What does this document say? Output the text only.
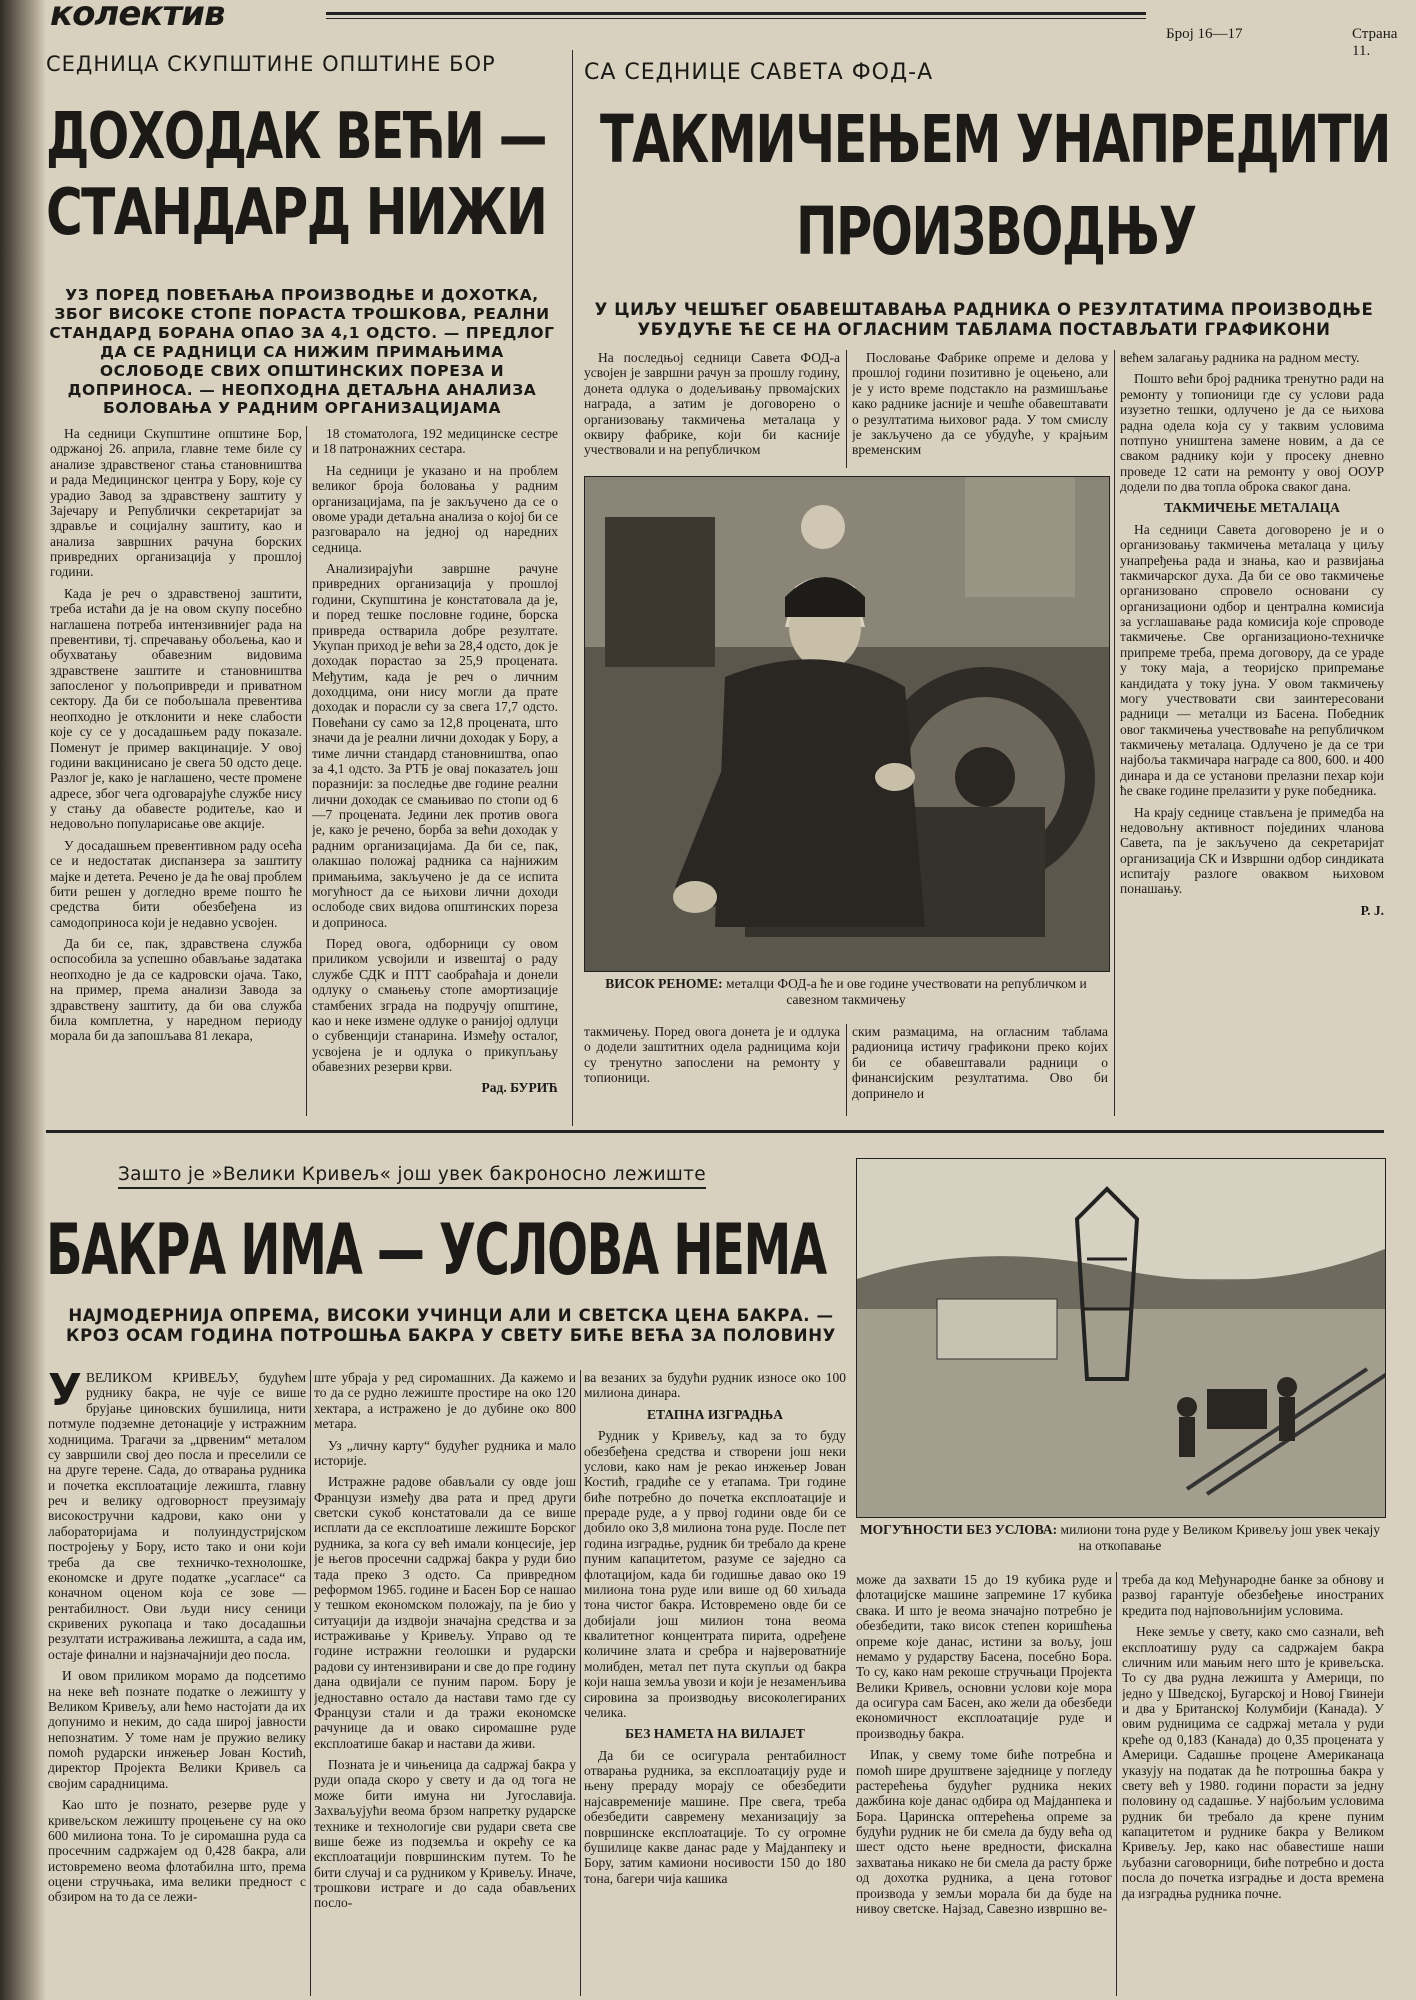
колектив	Број 16—17	Страна 11.
СЕДНИЦА СКУПШТИНЕ ОПШТИНЕ БОР
ДОХОДАК ВЕЋИ —
СТАНДАРД НИЖИ
УЗ ПОРЕД ПОВЕЋАЊА ПРОИЗВОДЊЕ И ДОХОТКА, ЗБОГ ВИСОКЕ СТОПЕ ПОРАСТА ТРОШКОВА, РЕАЛНИ СТАНДАРД БОРАНА ОПАО ЗА 4,1 ОДСТО. — ПРЕДЛОГ ДА СЕ РАДНИЦИ СА НИЖИМ ПРИМАЊИМА ОСЛОБОДЕ СВИХ ОПШТИНСКИХ ПОРЕЗА И ДОПРИНОСА. — НЕОПХОДНА ДЕТАЉНА АНАЛИЗА БОЛОВАЊА У РАДНИМ ОРГАНИЗАЦИЈАМА

На седници Скупштине општине Бор, одржаној 26. априла, главне теме биле су анализе здравственог стања становништва и рада Медицинског центра у Бору, које су урадио Завод за здравствену заштиту у Зајечару и Републички секретаријат за здравље и социјалну заштиту, као и анализа завршних рачуна борских привредних организација у прошлој години.

Када је реч о здравственој заштити, треба истаћи да је на овом скупу посебно наглашена потреба интензивнијег рада на превентиви, тј. спречавању обољења, као и обухватању обавезним видовима здравствене заштите и становништва запосленог у пољопривреди и приватном сектору. Да би се побољшала превентива неопходно је отклонити и неке слабости које су се у досадашњем раду показале. Поменут је пример вакцинације. У овој години вакцинисано је свега 50 одсто деце. Разлог је, како је наглашено, честе промене адресе, због чега одговарајуће службе нису у стању да обавесте родитеље, као и недовољно популарисање ове акције.

У досадашњем превентивном раду осећа се и недостатак диспанзера за заштиту мајке и детета. Речено је да ће овај проблем бити решен у догледно време пошто ће средства бити обезбеђена из самодоприноса који је недавно усвојен.

Да би се, пак, здравствена служба оспособила за успешно обављање задатака неопходно је да се кадровски ојача. Тако, на пример, према анализи Завода за здравствену заштиту, да би ова служба била комплетна, у наредном периоду морала би да запошљава 81 лекара,

18 стоматолога, 192 медицинске сестре и 18 патронажних сестара.

На седници је указано и на проблем великог броја боловања у радним организацијама, па је закључено да се о овоме уради детаљна анализа о којој би се разговарало на једној од наредних седница.

Анализирајући завршне рачуне привредних организација у прошлој години, Скупштина је констатовала да је, и поред тешке пословне године, борска привреда остварила добре резултате. Укупан приход је већи за 28,4 одсто, док је доходак порастао за 25,9 процената. Међутим, када је реч о личним доходцима, они нису могли да прате доходак и порасли су за свега 17,7 одсто. Повећани су само за 12,8 процената, што значи да је реални лични доходак у Бору, а тиме лични стандард становништва, опао за 4,1 одсто. За РТБ је овај показатељ још поразнији: за последње две године реални лични доходак се смањивао по стопи од 6—7 процената. Једини лек против овога је, како је речено, борба за већи доходак у радним организацијама. Да би се, пак, олакшао положај радника са најнижим примањима, закључено је да се испита могућност да се њихови лични доходи ослободе свих видова општинских пореза и доприноса.

Поред овога, одборници су овом приликом усвојили и извештај о раду службе СДК и ПТТ саобраћаја и донели одлуку о смањењу стопе амортизације стамбених зграда на подручју општине, као и неке измене одлуке о ранијој одлуци о субвенцији станарина. Између осталог, усвојена је и одлука о прикупљању обавезних резерви крви.

Рад. БУРИЋ
СА СЕДНИЦЕ САВЕТА ФОД-А
ТАКМИЧЕЊЕМ УНАПРЕДИТИ
ПРОИЗВОДЊУ
У ЦИЉУ ЧЕШЋЕГ ОБАВЕШТАВАЊА РАДНИКА О РЕЗУЛТАТИМА ПРОИЗВОДЊЕ УБУДУЋЕ ЋЕ СЕ НА ОГЛАСНИМ ТАБЛАМА ПОСТАВЉАТИ ГРАФИКОНИ

На последњој седници Савета ФОД-а усвојен је завршни рачун за прошлу годину, донета одлука о додељивању првомајских награда, а затим је договорено о организовању такмичења металаца у оквиру фабрике, који би касније учествовали и на републичком

Пословање Фабрике опреме и делова у прошлој години позитивно је оцењено, али је у исто време подстакло на размишљање како раднике јасније и чешће обавештавати о резултатима њиховог рада. У том смислу је закључено да се убудуће, у крајњим временским

ВИСОК РЕНОМЕ: металци ФОД-а ће и ове године учествовати на републичком и савезном такмичењу

такмичењу. Поред овога донета је и одлука о додели заштитних одела радницима који су тренутно запослени на ремонту у топионици.

ским размацима, на огласним таблама радионица истичу графикони преко којих би се обавештавали радници о финансијским резултатима. Ово би допринело и

већем залагању радника на радном месту.

Пошто већи број радника тренутно ради на ремонту у топионици где су услови рада изузетно тешки, одлучено је да се њихова радна одела која су у таквим условима потпуно уништена замене новим, а да се сваком раднику који у просеку дневно проведе 12 сати на ремонту у овој ООУР додели по два топла оброка сваког дана.

ТАКМИЧЕЊЕ МЕТАЛАЦА

На седници Савета договорено је и о организовању такмичења металаца у циљу унапређења рада и знања, као и развијања такмичарског духа. Да би се ово такмичење организовано спровело основани су организациони одбор и централна комисија за усглашавање рада комисија које спроводе такмичење. Све организационо-техничке припреме треба, према договору, да се ураде у току маја, а теоријско припремање кандидата у току јуна. У овом такмичењу могу учествовати сви заинтересовани радници — металци из Басена. Победник овог такмичења учествоваће на републичком такмичењу металаца. Одлучено је да се три најбоља такмичара награде са 800, 600. и 400 динара и да се установи прелазни пехар који ће сваке године прелазити у руке победника.

На крају седнице стављена је примедба на недовољну активност појединих чланова Савета, па је закључено да секретаријат организација СК и Извршни одбор синдиката испитају разлоге оваквом њиховом понашању.

Р. Ј.
Зашто је »Велики Кривељ« још увек бакроносно лежиште
БАКРА ИМА — УСЛОВА НЕМА
НАЈМОДЕРНИЈА ОПРЕМА, ВИСОКИ УЧИНЦИ АЛИ И СВЕТСКА ЦЕНА БАКРА. — КРОЗ ОСАМ ГОДИНА ПОТРОШЊА БАКРА У СВЕТУ БИЋЕ ВЕЋА ЗА ПОЛОВИНУ
У ВЕЛИКОМ КРИВЕЉУ, будућем руднику бакра, не чује се више брујање циновских бушилица, нити потмуле подземне детонације у истражним ходницима. Трагачи за „црвеним“ металом су завршили свој део посла и преселили се на друге терене. Сада, до отварања рудника и почетка експлоатације лежишта, главну реч и велику одговорност преузимају високостручни кадрови, како они у лабораторијама и полуиндустријском постројењу у Бору, исто тако и они који треба да све техничко-технолошке, економске и друге податке „усагласе“ са коначном оценом која се зове — рентабилност. Ови људи нису сеници скривених рукопаца и тако досадашњи резултати истраживања лежишта, а сада им, остаје финални и најзначајнији део посла.

И овом приликом морамо да подсетимо на неке већ познате податке о лежишту у Великом Кривељу, али ћемо настојати да их допунимо и неким, до сада широј јавности непознатим. У томе нам је пружио велику помоћ рударски инжењер Јован Костић, директор Пројекта Велики Кривељ са својим сарадницима.

Као што је познато, резерве руде у кривељском лежишту процењене су на око 600 милиона тона. То је сиромашна руда са просечним садржајем од 0,428 бакра, али истовремено веома флотабилна што, према оцени стручњака, има велики предност с обзиром на то да се лежи-

ште убраја у ред сиромашних. Да кажемо и то да се рудно лежиште простире на око 120 хектара, а истражено је до дубине око 800 метара.

Уз „личну карту“ будућег рудника и мало историје.

Истражне радове обављали су овде још Французи између два рата и пред други светски сукоб констатовали да се више исплати да се експлоатише лежиште Борског рудника, за кога су већ имали концесије, јер је његов просечни садржај бакра у руди био тада преко 3 одсто. Са привредном реформом 1965. године и Басен Бор се нашао у тешком економском положају, па је био у ситуацији да издвоји значајна средства и за истраживање у Кривељу. Управо од те године истражни геолошки и рударски радови су интензивирани и све до пре годину дана одвијали се пуним паром. Бору је једноставно остало да настави тамо где су Французи стали и да тражи економске рачунице да и овако сиромашне руде експлоатише бакар и настави да живи.

Позната је и чињеница да садржај бакра у руди опада скоро у свету и да од тога не може бити имуна ни Југославија. Захваљујући веома брзом напретку рударске технике и технологије сви рудари света све више беже из подземља и окрећу се ка експлоатацији површинским путем. То ће бити случај и са рудником у Кривељу. Иначе, трошкови истраге и до сада обављених посло-

ва везаних за будући рудник износе око 100 милиона динара.

ЕТАПНА ИЗГРАДЊА

Рудник у Кривељу, кад за то буду обезбеђена средства и створени још неки услови, како нам је рекао инжењер Јован Костић, градиће се у етапама. Три године биће потребно до почетка експлоатације и прераде руде, а у првој години овде би се добило око 3,8 милиона тона руде. После пет година изградње, рудник би требало да крене пуним капацитетом, разуме се заједно са флотацијом, када би годишње давао око 19 милиона тона руде или више од 60 хиљада тона чистог бакра. Истовремено овде би се добијали још милион тона веома квалитетног концентрата пирита, одређене количине злата и сребра и највероватније молибден, метал пет пута скупљи од бакра који наша земља увози и који је незаменљива сировина за производњу високолегираних челика.

БЕЗ НАМЕТА НА ВИЛАЈЕТ

Да би се осигурала рентабилност отварања рудника, за експлоатацију руде и њену прераду морају се обезбедити најсавременије машине. Пре свега, треба обезбедити савремену механизацију за површинске експлоатације. То су огромне бушилице какве данас раде у Мајданпеку и Бору, затим камиони носивости 150 до 180 тона, багери чија кашика

МОГУЋНОСТИ БЕЗ УСЛОВА: милиони тона руде у Великом Кривељу још увек чекају на откопавање

може да захвати 15 до 19 кубика руде и флотацијске машине запремине 17 кубика свака. И што је веома значајно потребно је обезбедити, тако висок степен коришћења опреме које данас, истини за вољу, још немамо у рударству Басена, посебно Бора. То су, како нам рекоше стручњаци Пројекта Велики Кривељ, основни услови које мора да осигура сам Басен, ако жели да обезбеди економичност експлоатације руде и производњу бакра.

Ипак, у свему томе биће потребна и помоћ шире друштвене заједнице у погледу растерећења будућег рудника неких дажбина које данас одбира од Мајданпека и Бора. Царинска оптерећења опреме за будући рудник не би смела да буду већа од шест одсто њене вредности, фискална захватања никако не би смела да расту брже од дохотка рудника, а цена готовог производа у земљи морала би да буде на нивоу светске. Најзад, Савезно извршно ве-

треба да код Међународне банке за обнову и развој гарантује обезбеђење иностраних кредита под најповољнијим условима.

Неке земље у свету, како смо сазнали, већ експлоатишу руду са садржајем бакра сличним или мањим него што је кривељска. То су два рудна лежишта у Америци, по једно у Шведској, Бугарској и Новој Гвинеји и два у Британској Колумбији (Канада). У овим рудницима се садржај метала у руди креће од 0,183 (Канада) до 0,35 процената у Америци. Садашње процене Американаца указују на податак да ће потрошња бакра у свету већ у 1980. години порасти за једну половину од садашње. У најбољим условима рудник би требало да крене пуним капацитетом и руднике бакра у Великом Кривељу. Јер, како нас обавестише наши љубазни саговорници, биће потребно и доста посла до почетка изградње и доста времена да изградња рудника почне.
